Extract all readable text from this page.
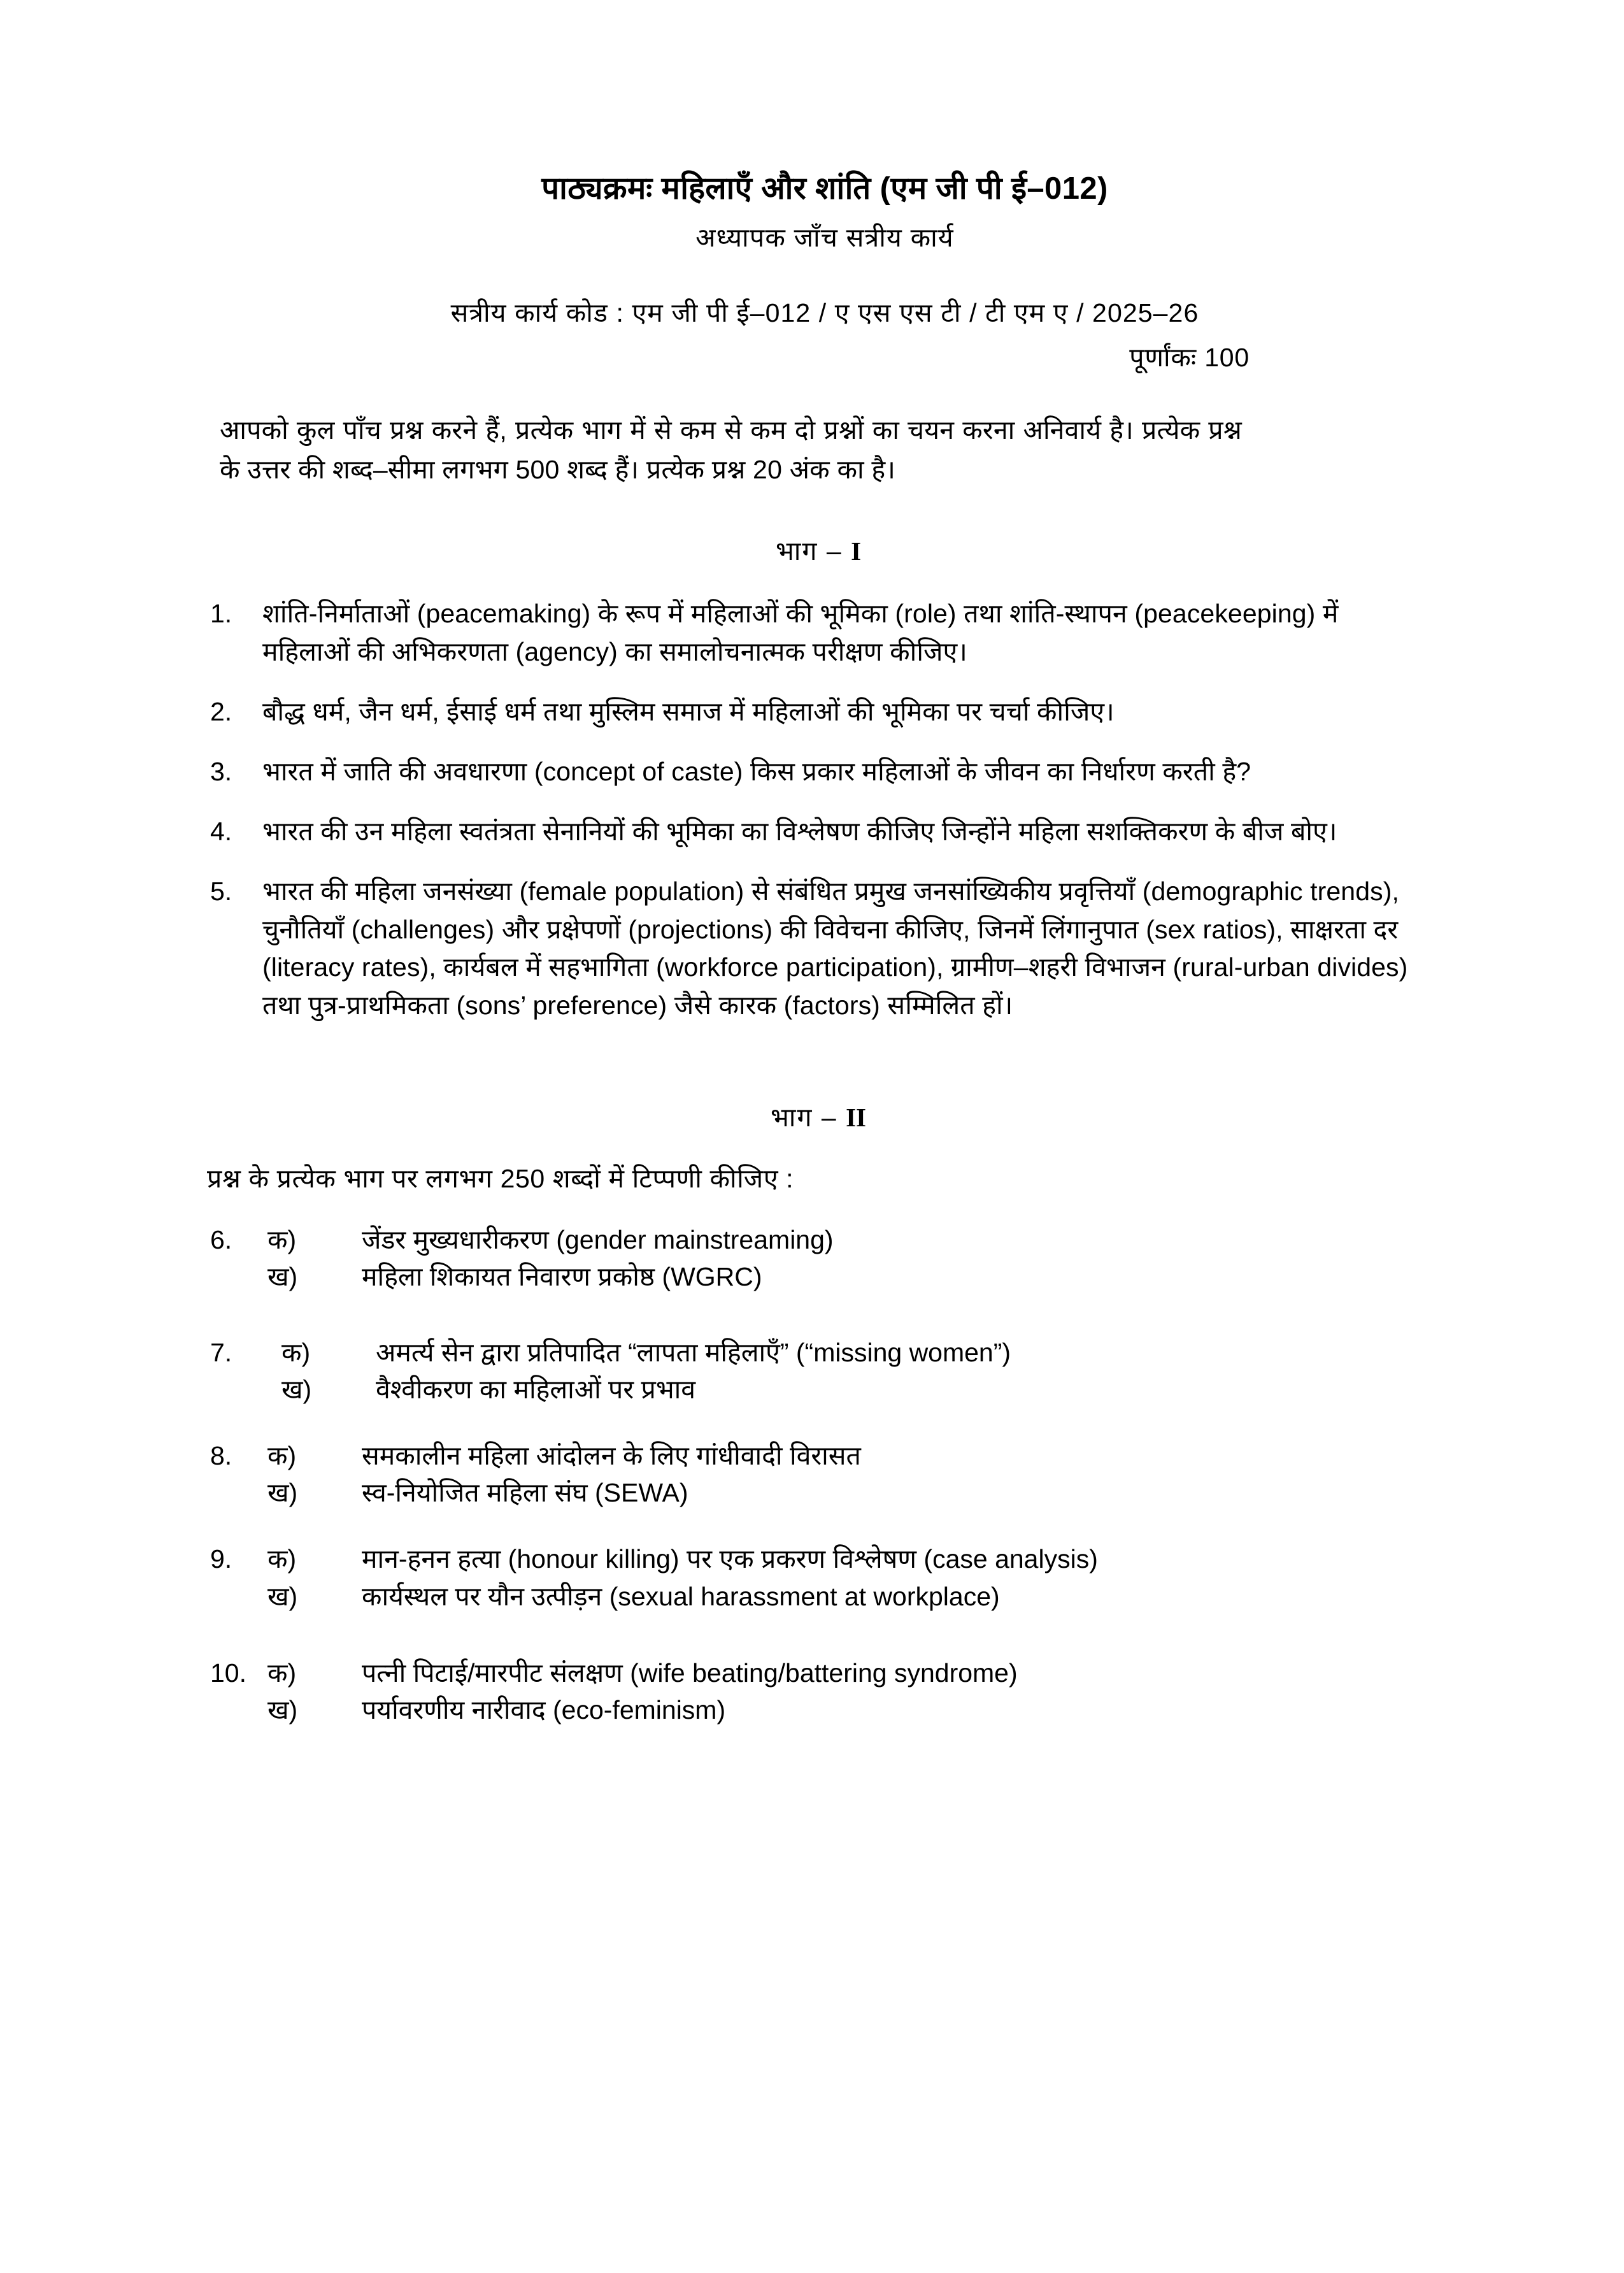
पाठ्यक्रमः महिलाएँ और शांति (एम जी पी ई–012)
अध्यापक जाँच सत्रीय कार्य
सत्रीय कार्य कोड : एम जी पी ई–012 / ए एस एस टी / टी एम ए / 2025–26
पूर्णांकः 100
आपको कुल पाँच प्रश्न करने हैं, प्रत्येक भाग में से कम से कम दो प्रश्नों का चयन करना अनिवार्य है। प्रत्येक प्रश्न के उत्तर की शब्द–सीमा लगभग 500 शब्द हैं। प्रत्येक प्रश्न 20 अंक का है।
भाग – I
1.	शांति-निर्माताओं (peacemaking) के रूप में महिलाओं की भूमिका (role) तथा शांति-स्थापन (peacekeeping) में महिलाओं की अभिकरणता (agency) का समालोचनात्मक परीक्षण कीजिए।
2.	बौद्ध धर्म, जैन धर्म, ईसाई धर्म तथा मुस्लिम समाज में महिलाओं की भूमिका पर चर्चा कीजिए।
3.	भारत में जाति की अवधारणा (concept of caste) किस प्रकार महिलाओं के जीवन का निर्धारण करती है?
4.	भारत की उन महिला स्वतंत्रता सेनानियों की भूमिका का विश्लेषण कीजिए जिन्होंने महिला सशक्तिकरण के बीज बोए।
5.	भारत की महिला जनसंख्या (female population) से संबंधित प्रमुख जनसांख्यिकीय प्रवृत्तियाँ (demographic trends), चुनौतियाँ (challenges) और प्रक्षेपणों (projections) की विवेचना कीजिए, जिनमें लिंगानुपात (sex ratios), साक्षरता दर (literacy rates), कार्यबल में सहभागिता (workforce participation), ग्रामीण–शहरी विभाजन (rural-urban divides) तथा पुत्र-प्राथमिकता (sons’ preference) जैसे कारक (factors) सम्मिलित हों।
भाग – II
प्रश्न के प्रत्येक भाग पर लगभग 250 शब्दों में टिप्पणी कीजिए :
6.	क)	जेंडर मुख्यधारीकरण (gender mainstreaming)
ख)	महिला शिकायत निवारण प्रकोष्ठ (WGRC)
7.	क)	अमर्त्य सेन द्वारा प्रतिपादित “लापता महिलाएँ” (“missing women”)
ख)	वैश्वीकरण का महिलाओं पर प्रभाव
8.	क)	समकालीन महिला आंदोलन के लिए गांधीवादी विरासत
ख)	स्व-नियोजित महिला संघ (SEWA)
9.	क)	मान-हनन हत्या (honour killing) पर एक प्रकरण विश्लेषण (case analysis)
ख)	कार्यस्थल पर यौन उत्पीड़न (sexual harassment at workplace)
10. क)	पत्नी पिटाई/मारपीट संलक्षण (wife beating/battering syndrome)
ख)	पर्यावरणीय नारीवाद (eco-feminism)
